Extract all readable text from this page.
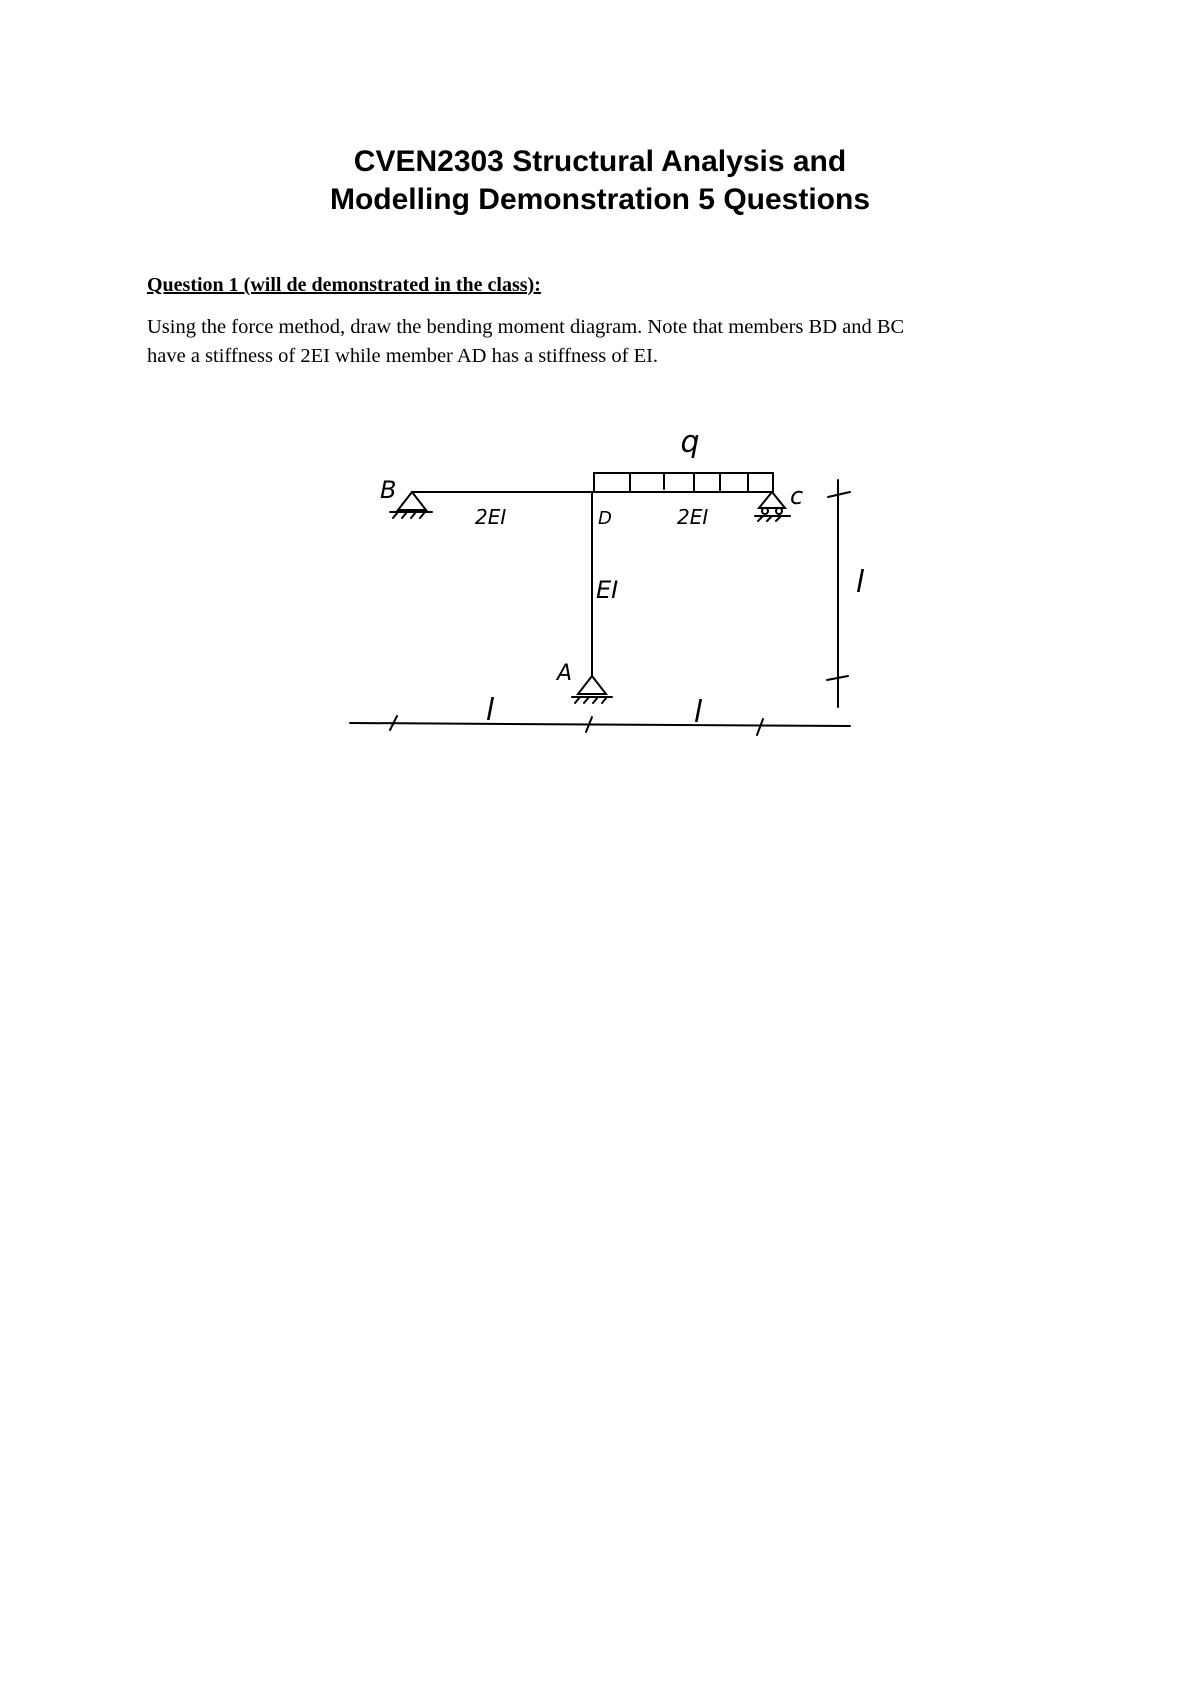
CVEN2303 Structural Analysis and
Modelling Demonstration 5 Questions
Question 1 (will de demonstrated in the class):
Using the force method, draw the bending moment diagram. Note that members BD and BC
have a stiffness of 2EI while member AD has a stiffness of EI.
q
B	c
D
A
2EI	2EI
EI
l	l
l
